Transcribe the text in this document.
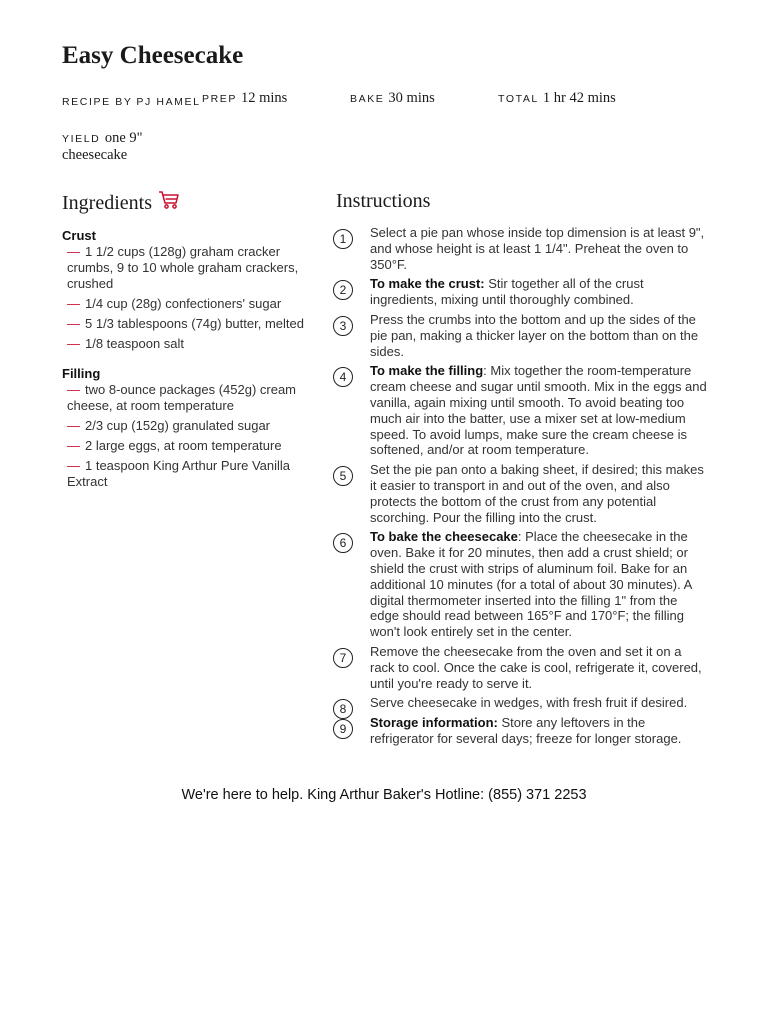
Easy Cheesecake
RECIPE BY PJ HAMEL PREP 12 mins	BAKE 30 mins	TOTAL 1 hr 42 mins
YIELD one 9" cheesecake
Ingredients	Instructions
Crust
— 1 1/2 cups (128g) graham cracker crumbs, 9 to 10 whole graham crackers, crushed
— 1/4 cup (28g) confectioners' sugar
— 5 1/3 tablespoons (74g) butter, melted
— 1/8 teaspoon salt
Filling
— two 8-ounce packages (452g) cream cheese, at room temperature
— 2/3 cup (152g) granulated sugar
— 2 large eggs, at room temperature
— 1 teaspoon King Arthur Pure Vanilla Extract
1	Select a pie pan whose inside top dimension is at least 9", and whose height is at least 1 1/4". Preheat the oven to 350°F.
2	To make the crust: Stir together all of the crust ingredients, mixing until thoroughly combined.
3	Press the crumbs into the bottom and up the sides of the pie pan, making a thicker layer on the bottom than on the sides.
4	To make the filling: Mix together the room-temperature cream cheese and sugar until smooth. Mix in the eggs and vanilla, again mixing until smooth. To avoid beating too much air into the batter, use a mixer set at low-medium speed. To avoid lumps, make sure the cream cheese is softened, and/or at room temperature.
5	Set the pie pan onto a baking sheet, if desired; this makes it easier to transport in and out of the oven, and also protects the bottom of the crust from any potential scorching. Pour the filling into the crust.
6	To bake the cheesecake: Place the cheesecake in the oven. Bake it for 20 minutes, then add a crust shield; or shield the crust with strips of aluminum foil. Bake for an additional 10 minutes (for a total of about 30 minutes). A digital thermometer inserted into the filling 1" from the edge should read between 165°F and 170°F; the filling won't look entirely set in the center.
7	Remove the cheesecake from the oven and set it on a rack to cool. Once the cake is cool, refrigerate it, covered, until you're ready to serve it.
8	Serve cheesecake in wedges, with fresh fruit if desired.
9	Storage information: Store any leftovers in the refrigerator for several days; freeze for longer storage.
We're here to help. King Arthur Baker's Hotline: (855) 371 2253
